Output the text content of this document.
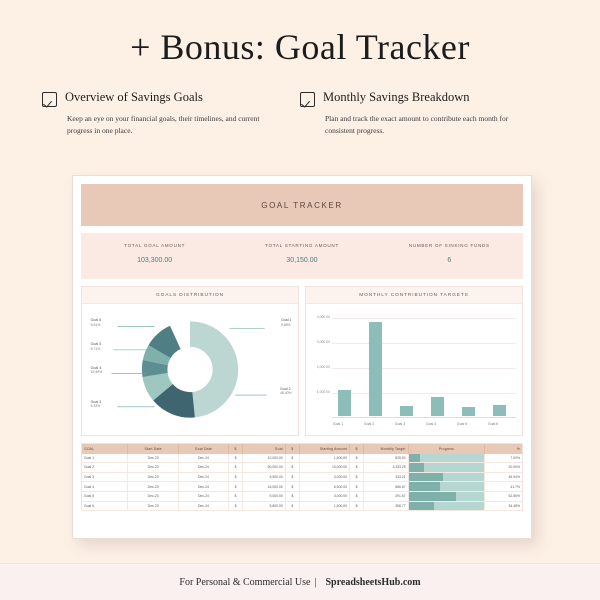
+ Bonus: Goal Tracker
Overview of Savings Goals
Keep an eye on your financial goals, their timelines, and current progress in one place.
Monthly Savings Breakdown
Plan and track the exact amount to contribute each month for consistent progress.
GOAL TRACKER
TOTAL GOAL AMOUNT
103,300.00
TOTAL STARTING AMOUNT
30,150.00
NUMBER OF SINKING FUNDS
6
GOALS DISTRIBUTION
Goal 6
5.61%
Goal 5
8.71%
Goal 4
15.49%
Goal 3
5.33%
Goal 1
9.68%
Goal 2
48.40%
MONTHLY CONTRIBUTION TARGETS
4,000.00
3,000.00
2,000.00
1,000.00
-
Goal 1	Goal 2	Goal 3	Goal 4	Goal 5	Goal 6
GOAL	Start Date	Goal Date	$	Goal	$	Starting Amount	$	Monthly Target	Progress	%
Goal 1	Dec-23	Dec-24	$	10,000.00	$	1,500.00	$	825.00	7.00%
Goal 2	Dec-23	Dec-24	$	50,000.00	$	10,000.00	$	3,333.25	20.00%
Goal 3	Dec-23	Dec-24	$	5,500.00	$	3,000.00	$	333.21	45.94%
Goal 4	Dec-23	Dec-24	$	16,000.00	$	6,500.00	$	666.67	41.7%
Goal 5	Dec-23	Dec-24	$	9,000.00	$	3,000.00	$	291.67	62.56%
Goal 6	Dec-23	Dec-24	$	5,800.00	$	1,500.00	$	358.77	34.48%
For Personal & Commercial Use | SpreadsheetsHub.com
